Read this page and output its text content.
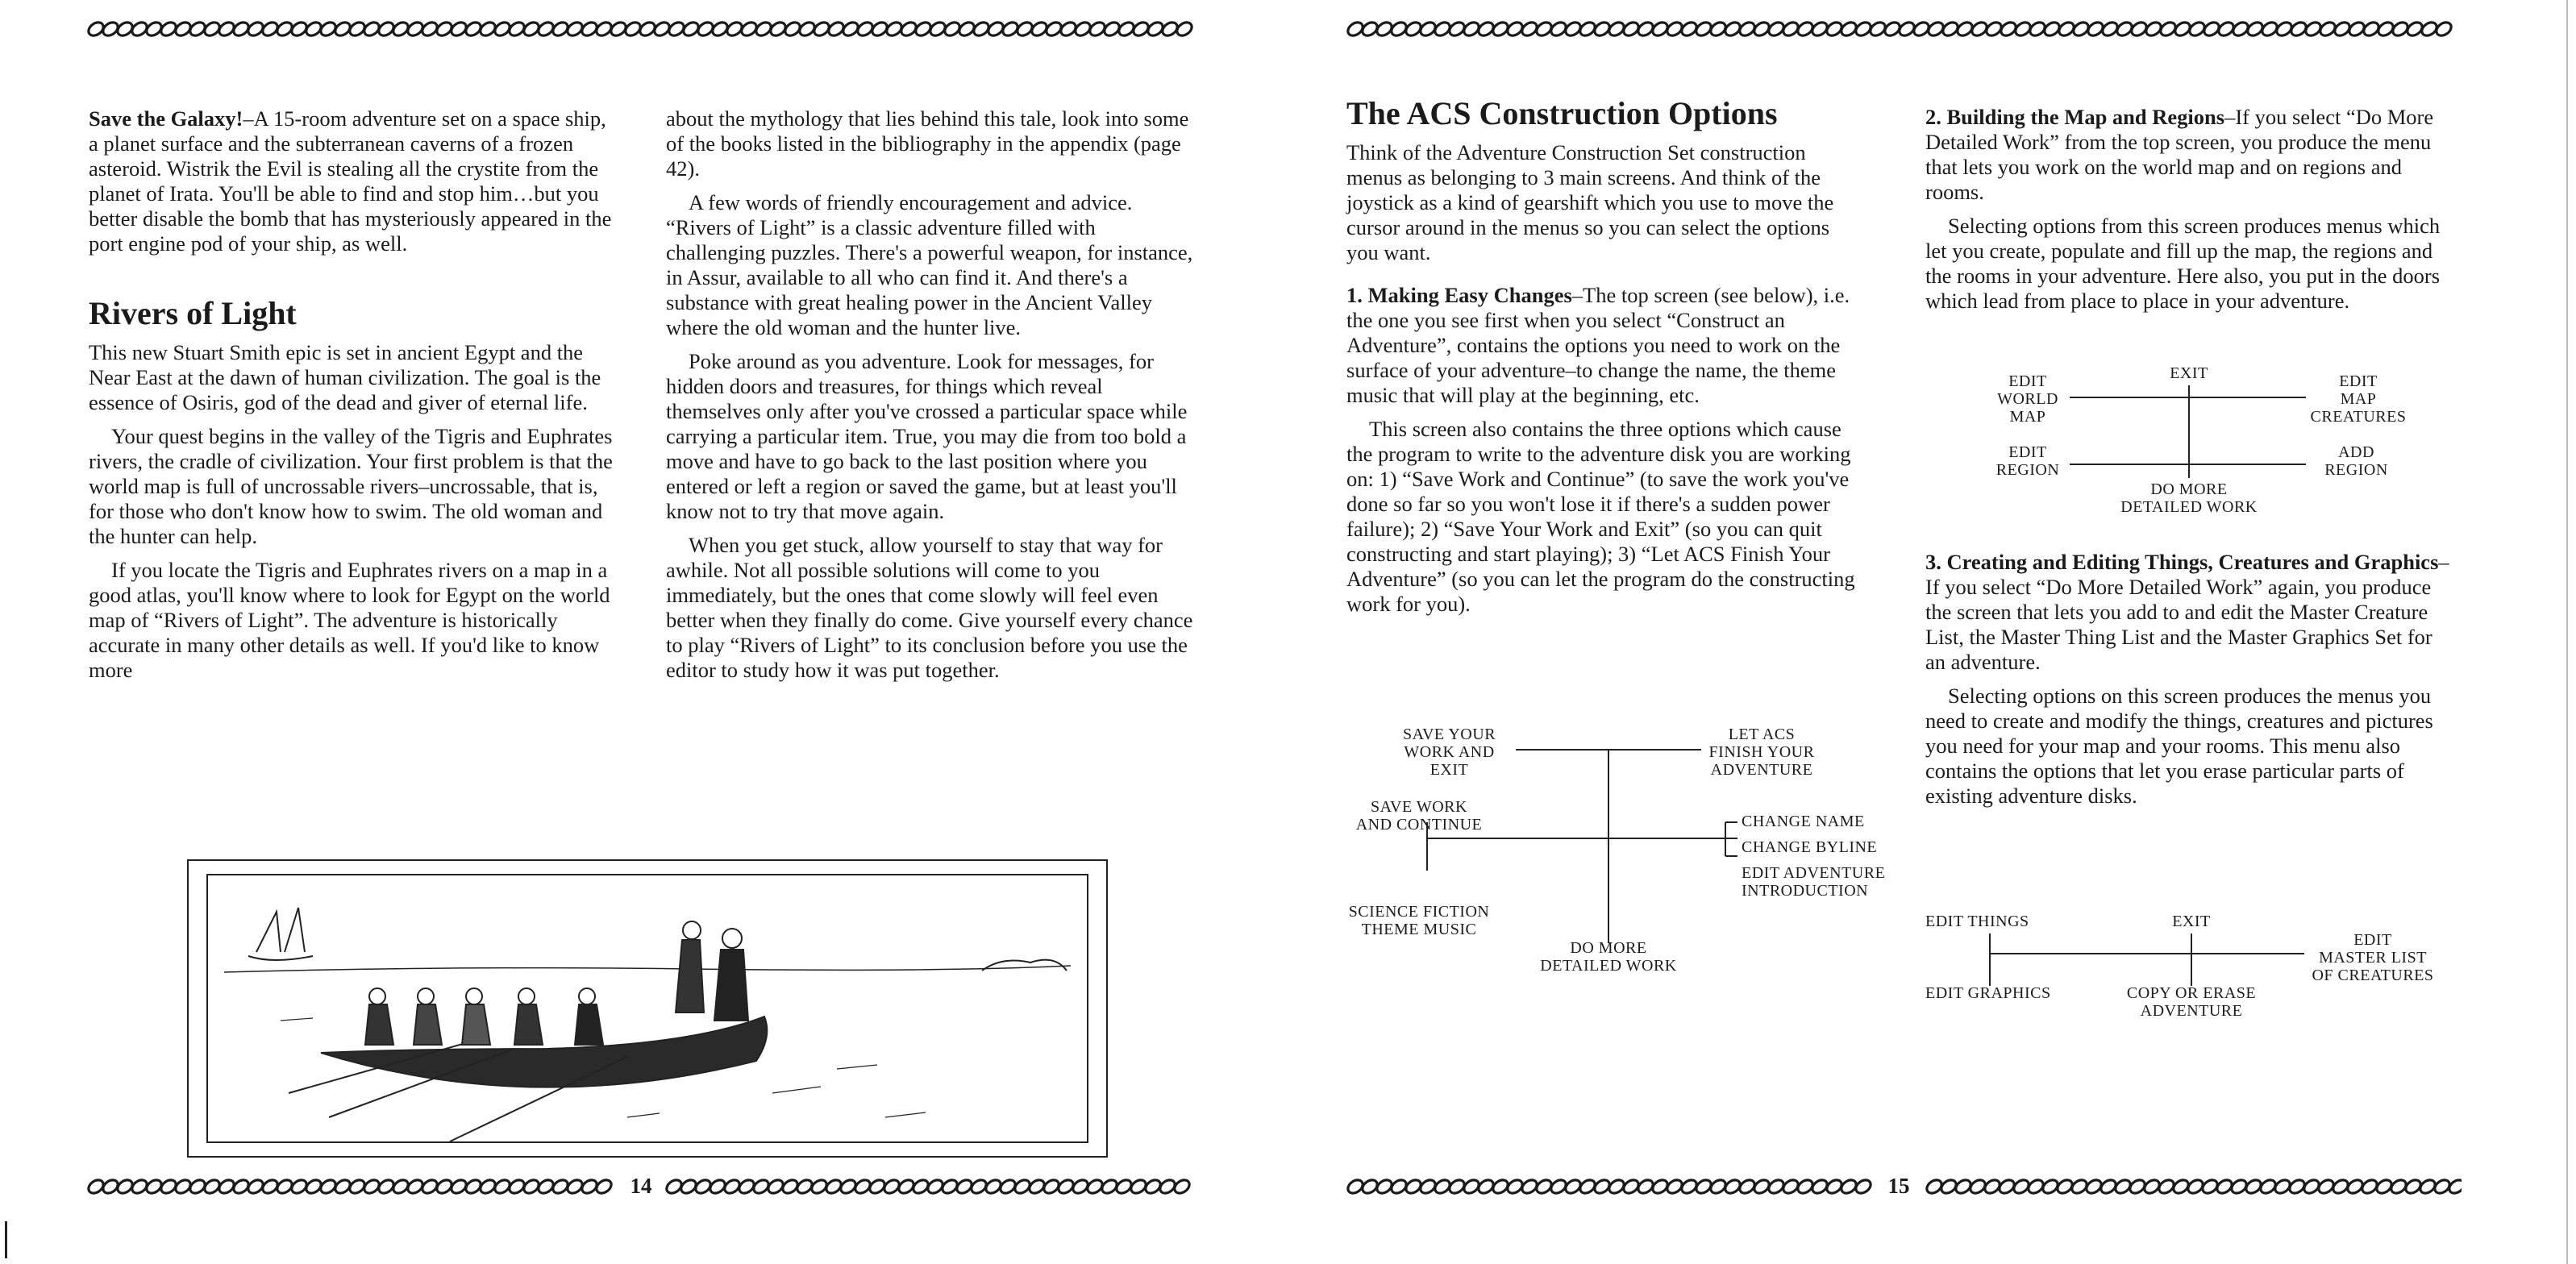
Save the Galaxy!–A 15-room adventure set on a space ship, a planet surface and the subterranean caverns of a frozen asteroid. Wistrik the Evil is stealing all the crystite from the planet of Irata. You'll be able to find and stop him…but you better disable the bomb that has mysteriously appeared in the port engine pod of your ship, as well.

Rivers of Light

This new Stuart Smith epic is set in ancient Egypt and the Near East at the dawn of human civilization. The goal is the essence of Osiris, god of the dead and giver of eternal life.

Your quest begins in the valley of the Tigris and Euphrates rivers, the cradle of civilization. Your first problem is that the world map is full of uncrossable rivers–uncrossable, that is, for those who don't know how to swim. The old woman and the hunter can help.

If you locate the Tigris and Euphrates rivers on a map in a good atlas, you'll know where to look for Egypt on the world map of “Rivers of Light”. The adventure is historically accurate in many other details as well. If you'd like to know more

about the mythology that lies behind this tale, look into some of the books listed in the bibliography in the appendix (page 42).

A few words of friendly encouragement and advice. “Rivers of Light” is a classic adventure filled with challenging puzzles. There's a powerful weapon, for instance, in Assur, available to all who can find it. And there's a substance with great healing power in the Ancient Valley where the old woman and the hunter live.

Poke around as you adventure. Look for messages, for hidden doors and treasures, for things which reveal themselves only after you've crossed a particular space while carrying a particular item. True, you may die from too bold a move and have to go back to the last position where you entered or left a region or saved the game, but at least you'll know not to try that move again.

When you get stuck, allow yourself to stay that way for awhile. Not all possible solutions will come to you immediately, but the ones that come slowly will feel even better when they finally do come. Give yourself every chance to play “Rivers of Light” to its conclusion before you use the editor to study how it was put together.

14
The ACS Construction Options

Think of the Adventure Construction Set construction menus as belonging to 3 main screens. And think of the joystick as a kind of gearshift which you use to move the cursor around in the menus so you can select the options you want.

1. Making Easy Changes–The top screen (see below), i.e. the one you see first when you select “Construct an Adventure”, contains the options you need to work on the surface of your adventure–to change the name, the theme music that will play at the beginning, etc.

This screen also contains the three options which cause the program to write to the adventure disk you are working on: 1) “Save Work and Continue” (to save the work you've done so far so you won't lose it if there's a sudden power failure); 2) “Save Your Work and Exit” (so you can quit constructing and start playing); 3) “Let ACS Finish Your Adventure” (so you can let the program do the constructing work for you).

SAVE YOUR
WORK AND
EXIT
LET ACS
FINISH YOUR
ADVENTURE
SAVE WORK
AND CONTINUE	CHANGE NAME
CHANGE BYLINE
EDIT ADVENTURE
INTRODUCTION
SCIENCE FICTION
THEME MUSIC
DO MORE
DETAILED WORK

2. Building the Map and Regions–If you select “Do More Detailed Work” from the top screen, you produce the menu that lets you work on the world map and on regions and rooms.

Selecting options from this screen produces menus which let you create, populate and fill up the map, the regions and the rooms in your adventure. Here also, you put in the doors which lead from place to place in your adventure.

EXIT
EDIT
WORLD
MAP
EDIT
MAP
CREATURES
EDIT
REGION
ADD
REGION
DO MORE
DETAILED WORK

3. Creating and Editing Things, Creatures and Graphics–If you select “Do More Detailed Work” again, you produce the screen that lets you add to and edit the Master Creature List, the Master Thing List and the Master Graphics Set for an adventure.

Selecting options on this screen produces the menus you need to create and modify the things, creatures and pictures you need for your map and your rooms. This menu also contains the options that let you erase particular parts of existing adventure disks.

EDIT THINGS	EXIT
EDIT
MASTER LIST
OF CREATURES
EDIT GRAPHICS	COPY OR ERASE
ADVENTURE
15
